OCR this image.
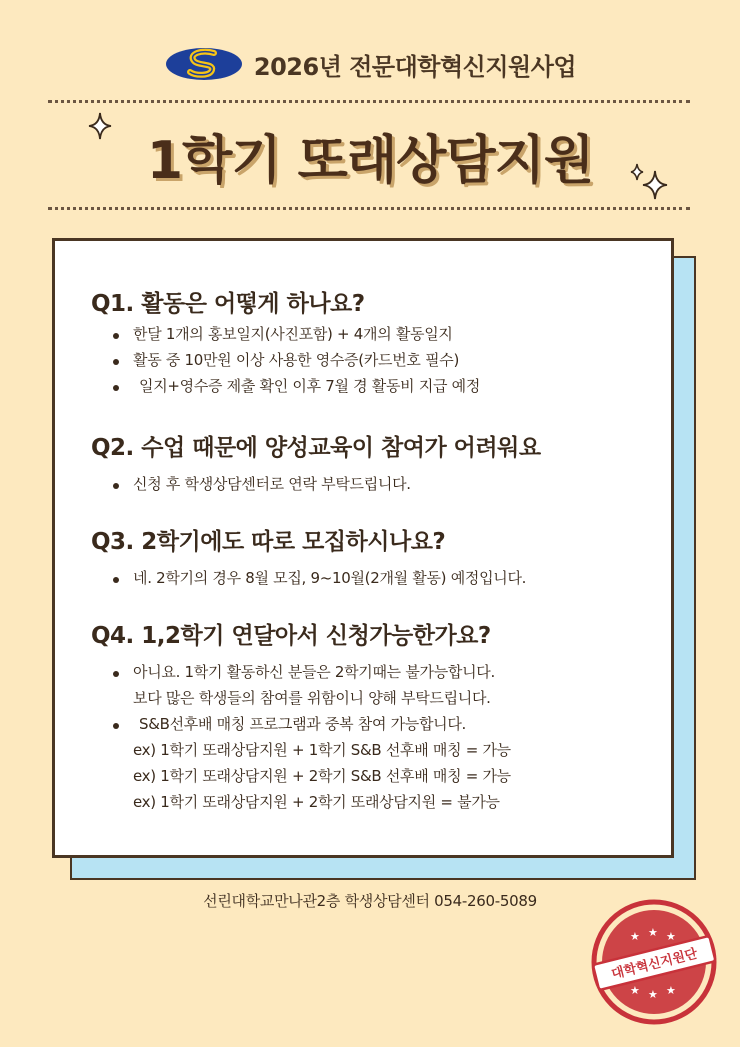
2026년 전문대학혁신지원사업
1학기 또래상담지원
Q1. 활동은 어떻게 하나요?
한달 1개의 홍보일지(사진포함) + 4개의 활동일지
활동 중 10만원 이상 사용한 영수증(카드번호 필수)
일지+영수증 제출 확인 이후 7월 경 활동비 지급 예정
Q2. 수업 때문에 양성교육이 참여가 어려워요
신청 후 학생상담센터로 연락 부탁드립니다.
Q3. 2학기에도 따로 모집하시나요?
네. 2학기의 경우 8월 모집, 9~10월(2개월 활동) 예정입니다.
Q4. 1,2학기 연달아서 신청가능한가요?
아니요. 1학기 활동하신 분들은 2학기때는 불가능합니다.
보다 많은 학생들의 참여를 위함이니 양해 부탁드립니다.
S&B선후배 매칭 프로그램과 중복 참여 가능합니다.
ex) 1학기 또래상담지원 + 1학기 S&B 선후배 매칭 = 가능
ex) 1학기 또래상담지원 + 2학기 S&B 선후배 매칭 = 가능
ex) 1학기 또래상담지원 + 2학기 또래상담지원 = 불가능
선린대학교만나관2층 학생상담센터 054-260-5089
★ ★ ★
★ ★ ★
대학혁신지원단
